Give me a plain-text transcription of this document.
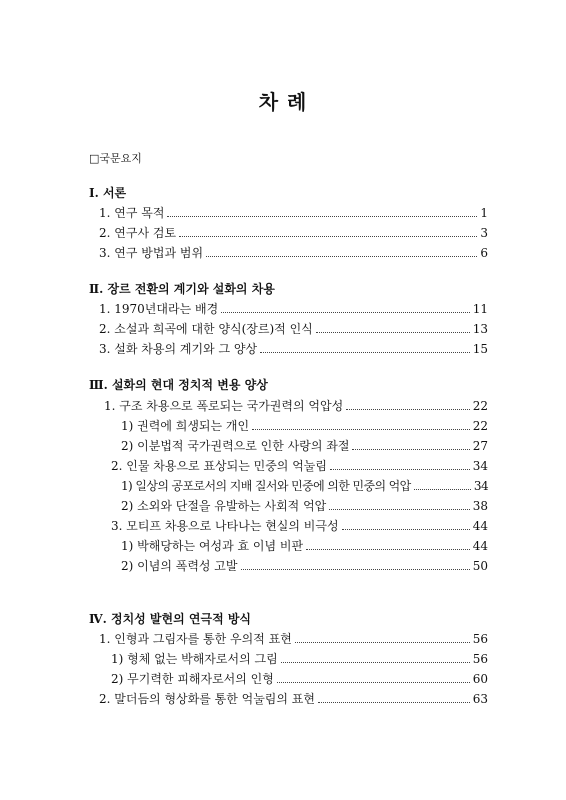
차 례
□국문요지
Ⅰ. 서론
1. 연구 목적	1
2. 연구사 검토	3
3. 연구 방법과 범위	6
Ⅱ. 장르 전환의 계기와 설화의 차용
1. 1970년대라는 배경	11
2. 소설과 희곡에 대한 양식(장르)적 인식	13
3. 설화 차용의 계기와 그 양상	15
Ⅲ. 설화의 현대 정치적 변용 양상
1. 구조 차용으로 폭로되는 국가권력의 억압성	22
1) 권력에 희생되는 개인	22
2) 이분법적 국가권력으로 인한 사랑의 좌절	27
2. 인물 차용으로 표상되는 민중의 억눌림	34
1) 일상의 공포로서의 지배 질서와 민중에 의한 민중의 억압	34
2) 소외와 단절을 유발하는 사회적 억압	38
3. 모티프 차용으로 나타나는 현실의 비극성	44
1) 박해당하는 여성과 효 이념 비판	44
2) 이념의 폭력성 고발	50
Ⅳ. 정치성 발현의 연극적 방식
1. 인형과 그림자를 통한 우의적 표현	56
1) 형체 없는 박해자로서의 그림	56
2) 무기력한 피해자로서의 인형	60
2. 말더듬의 형상화를 통한 억눌림의 표현	63
